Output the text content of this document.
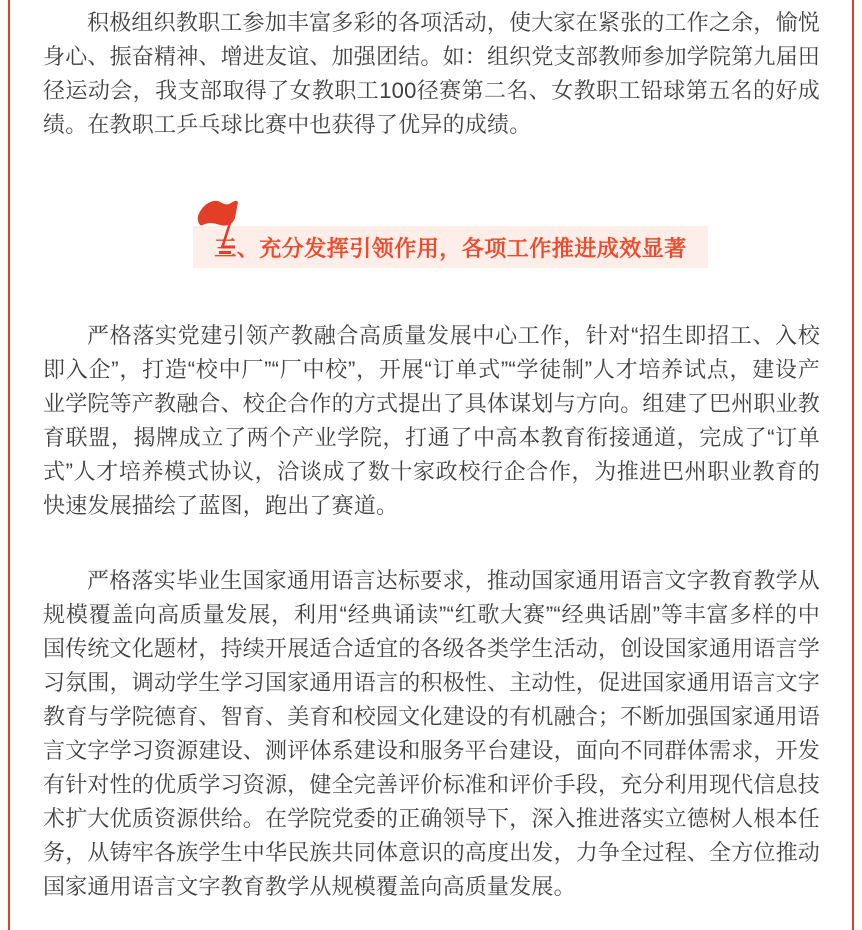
积极组织教职工参加丰富多彩的各项活动，使大家在紧张的工作之余，愉悦身心、振奋精神、增进友谊、加强团结。如：组织党支部教师参加学院第九届田径运动会，我支部取得了女教职工100径赛第二名、女教职工铅球第五名的好成绩。在教职工乒乓球比赛中也获得了优异的成绩。

三、充分发挥引领作用，各项工作推进成效显著

严格落实党建引领产教融合高质量发展中心工作，针对“招生即招工、入校即入企”，打造“校中厂”“厂中校”，开展“订单式”“学徒制”人才培养试点，建设产业学院等产教融合、校企合作的方式提出了具体谋划与方向。组建了巴州职业教育联盟，揭牌成立了两个产业学院，打通了中高本教育衔接通道，完成了“订单式”人才培养模式协议，洽谈成了数十家政校行企合作，为推进巴州职业教育的快速发展描绘了蓝图，跑出了赛道。

严格落实毕业生国家通用语言达标要求，推动国家通用语言文字教育教学从规模覆盖向高质量发展，利用“经典诵读”“红歌大赛”“经典话剧”等丰富多样的中国传统文化题材，持续开展适合适宜的各级各类学生活动，创设国家通用语言学习氛围，调动学生学习国家通用语言的积极性、主动性，促进国家通用语言文字教育与学院德育、智育、美育和校园文化建设的有机融合；不断加强国家通用语言文字学习资源建设、测评体系建设和服务平台建设，面向不同群体需求，开发有针对性的优质学习资源，健全完善评价标准和评价手段，充分利用现代信息技术扩大优质资源供给。在学院党委的正确领导下，深入推进落实立德树人根本任务，从铸牢各族学生中华民族共同体意识的高度出发，力争全过程、全方位推动国家通用语言文字教育教学从规模覆盖向高质量发展。
